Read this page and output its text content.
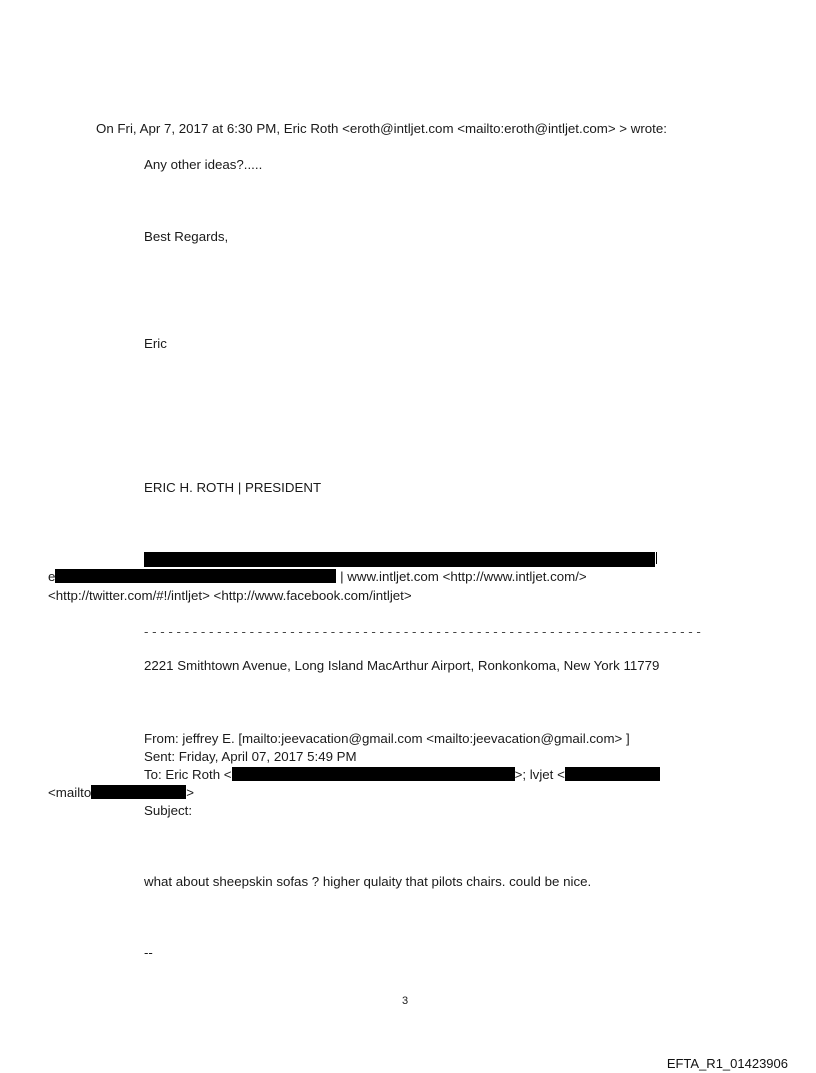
On Fri, Apr 7, 2017 at 6:30 PM, Eric Roth <eroth@intljet.com <mailto:eroth@intljet.com> > wrote:
Any other ideas?.....
Best Regards,
Eric
ERIC H. ROTH | PRESIDENT
e	| www.intljet.com <http://www.intljet.com/>
<http://twitter.com/#!/intljet> <http://www.facebook.com/intljet>
- - - - - - - - - - - - - - - - - - - - - - - - - - - - - - - - - - - - - - - - - - - - - - - - - - - - - - - - - - - - - - - - - - - - -
2221 Smithtown Avenue, Long Island MacArthur Airport, Ronkonkoma, New York 11779
From: jeffrey E. [mailto:jeevacation@gmail.com <mailto:jeevacation@gmail.com> ]
Sent: Friday, April 07, 2017 5:49 PM
To: Eric Roth <	>; lvjet <
<mailto	>
Subject:
what about sheepskin sofas ? higher qulaity that pilots chairs. could be nice.
--
3
EFTA_R1_01423906
